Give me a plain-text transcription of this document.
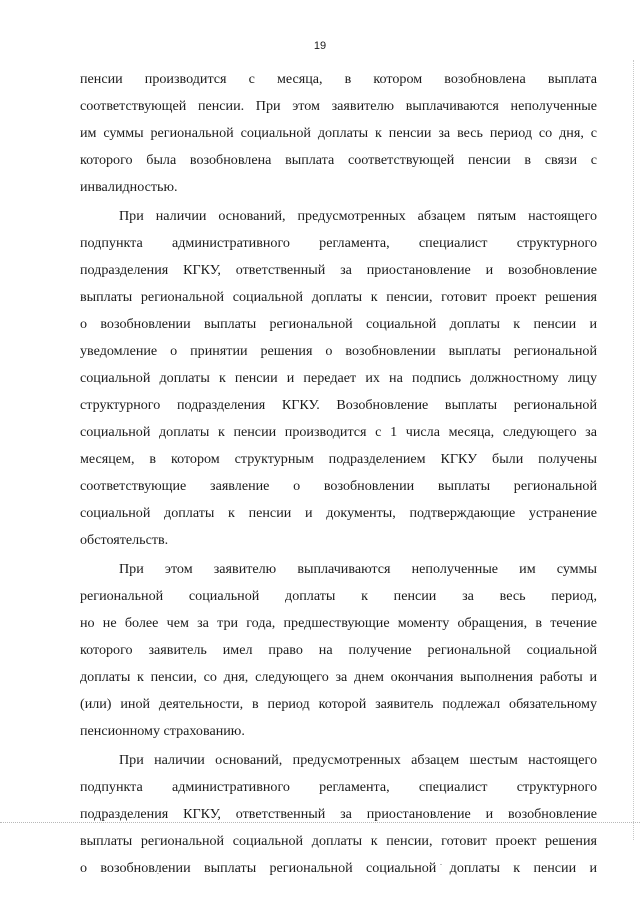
19

пенсии производится с месяца, в котором возобновлена выплата

соответствующей пенсии. При этом заявителю выплачиваются неполученные

им суммы региональной социальной доплаты к пенсии за весь период со дня, с

которого была возобновлена выплата соответствующей пенсии в связи с

инвалидностью.

При наличии оснований, предусмотренных абзацем пятым настоящего

подпункта административного регламента, специалист структурного

подразделения КГКУ, ответственный за приостановление и возобновление

выплаты региональной социальной доплаты к пенсии, готовит проект решения

о возобновлении выплаты региональной социальной доплаты к пенсии и

уведомление о принятии решения о возобновлении выплаты региональной

социальной доплаты к пенсии и передает их на подпись должностному лицу

структурного подразделения КГКУ. Возобновление выплаты региональной

социальной доплаты к пенсии производится с 1 числа месяца, следующего за

месяцем, в котором структурным подразделением КГКУ были получены

соответствующие заявление о возобновлении выплаты региональной

социальной доплаты к пенсии и документы, подтверждающие устранение

обстоятельств.

При этом заявителю выплачиваются неполученные им суммы

региональной социальной доплаты к пенсии за весь период,

но не более чем за три года, предшествующие моменту обращения, в течение

которого заявитель имел право на получение региональной социальной

доплаты к пенсии, со дня, следующего за днем окончания выполнения работы и

(или) иной деятельности, в период которой заявитель подлежал обязательному

пенсионному страхованию.

При наличии оснований, предусмотренных абзацем шестым настоящего

подпункта административного регламента, специалист структурного

подразделения КГКУ, ответственный за приостановление и возобновление

выплаты региональной социальной доплаты к пенсии, готовит проект решения

о возобновлении выплаты региональной социальной доплаты к пенсии и
